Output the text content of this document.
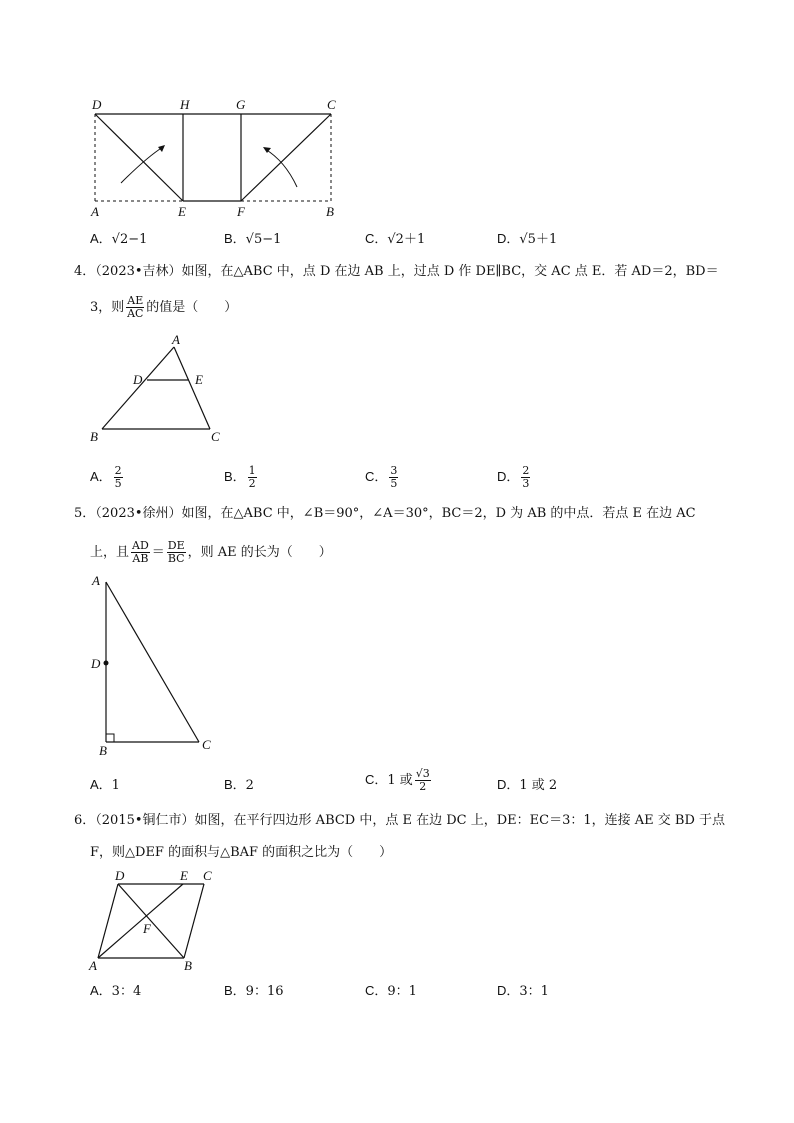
D	H	G	C
A	E	F	B
A．√2−1	B．√5−1	C．√2＋1	D．√5＋1
4．（2023•吉林）如图，在△ABC 中，点 D 在边 AB 上，过点 D 作 DE∥BC，交 AC 点 E．若 AD＝2，BD＝
3，则 $\frac{AE}{AC}$ 的值是（　　）
A
D	E
B	C
A． $\frac{2}{5}$	B． $\frac{1}{2}$	C． $\frac{3}{5}$	D． $\frac{2}{3}$
5．（2023•徐州）如图，在△ABC 中，∠B＝90°，∠A＝30°，BC＝2，D 为 AB 的中点．若点 E 在边 AC
上，且 $\frac{AD}{AB} = \frac{DE}{BC}$ ，则 AE 的长为（　　）
A
D
B	C
A．1	B．2	C．1 或 $\frac{√3}{2}$	D．1 或 2
6．（2015•铜仁市）如图，在平行四边形 ABCD 中，点 E 在边 DC 上，DE：EC＝3：1，连接 AE 交 BD 于点
F，则△DEF 的面积与△BAF 的面积之比为（　　）
D	E C
F
A	B
A．3：4	B．9：16	C．9：1	D．3：1
